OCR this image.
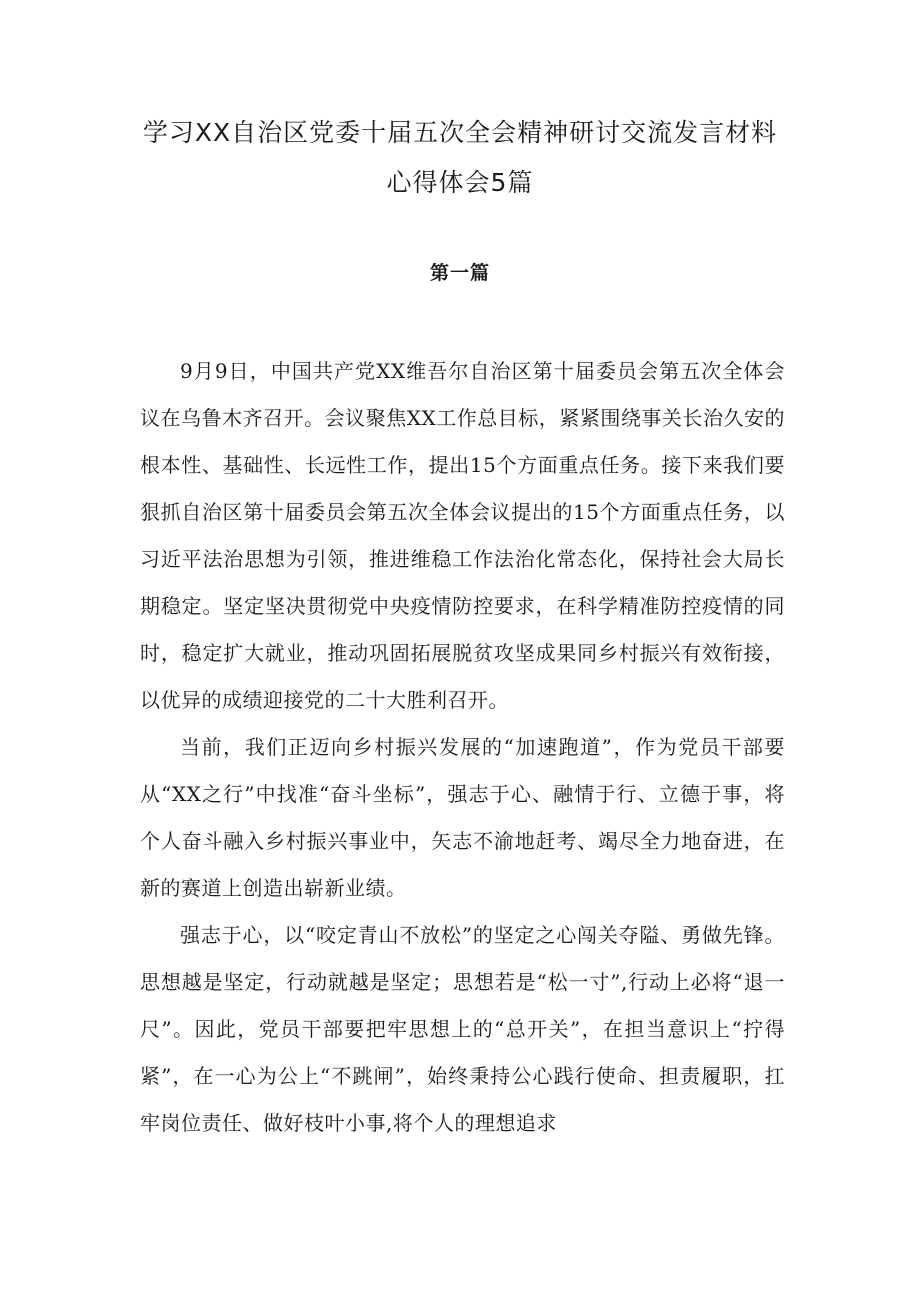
学习XX自治区党委十届五次全会精神研讨交流发言材料
心得体会5篇
第一篇

9月9日，中国共产党XX维吾尔自治区第十届委员会第五次全体会议在乌鲁木齐召开。会议聚焦XX工作总目标，紧紧围绕事关长治久安的根本性、基础性、长远性工作，提出15个方面重点任务。接下来我们要狠抓自治区第十届委员会第五次全体会议提出的15个方面重点任务，以习近平法治思想为引领，推进维稳工作法治化常态化，保持社会大局长期稳定。坚定坚决贯彻党中央疫情防控要求，在科学精准防控疫情的同时，稳定扩大就业，推动巩固拓展脱贫攻坚成果同乡村振兴有效衔接，以优异的成绩迎接党的二十大胜利召开。

当前，我们正迈向乡村振兴发展的“加速跑道”，作为党员干部要从“XX之行”中找准“奋斗坐标”，强志于心、融情于行、立德于事，将个人奋斗融入乡村振兴事业中，矢志不渝地赶考、竭尽全力地奋进，在新的赛道上创造出崭新业绩。

强志于心，以“咬定青山不放松”的坚定之心闯关夺隘、勇做先锋。思想越是坚定，行动就越是坚定；思想若是“松一寸”,行动上必将“退一尺”。因此，党员干部要把牢思想上的“总开关”，在担当意识上“拧得紧”，在一心为公上“不跳闸”，始终秉持公心践行使命、担责履职，扛牢岗位责任、做好枝叶小事,将个人的理想追求
